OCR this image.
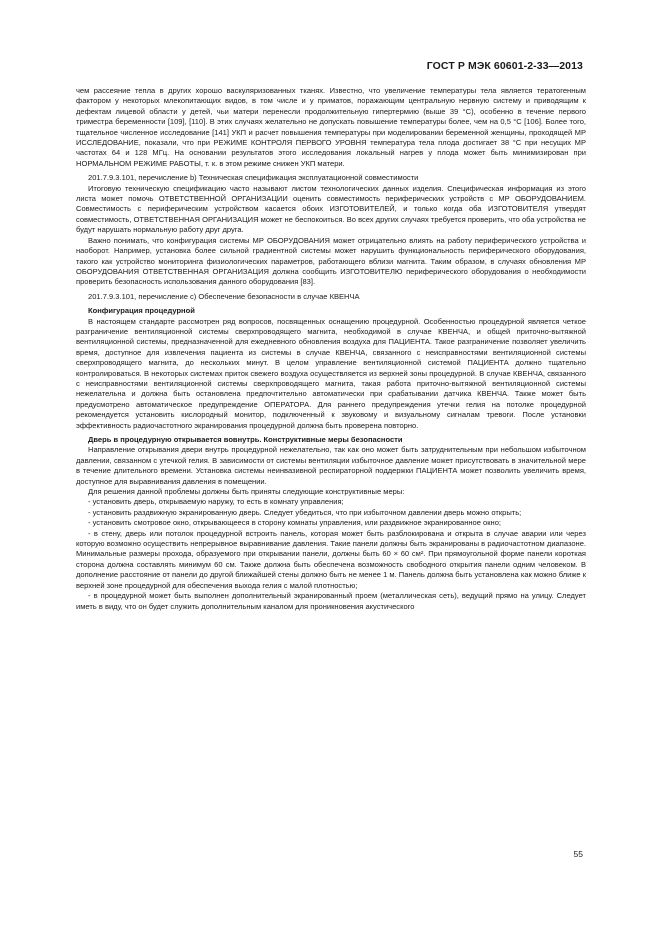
ГОСТ Р МЭК 60601-2-33—2013

чем рассеяние тепла в других хорошо васкуляризованных тканях. Известно, что увеличение температуры тела является тератогенным фактором у некоторых млекопитающих видов, в том числе и у приматов, поражающим центральную нервную систему и приводящим к дефектам лицевой области у детей, чьи матери перенесли продолжительную гипертермию (выше 39 °С), особенно в течение первого триместра беременности [109], [110]. В этих случаях желательно не допускать повышение температуры более, чем на 0,5 °С [106]. Более того, тщательное численное исследование [141] УКП и расчет повышения температуры при моделировании беременной женщины, проходящей МР ИССЛЕДОВАНИЕ, показали, что при РЕЖИМЕ КОНТРОЛЯ ПЕРВОГО УРОВНЯ температура тела плода достигает 38 °С при несущих МР частотах 64 и 128 МГц. На основании результатов этого исследования локальный нагрев у плода может быть минимизирован при НОРМАЛЬНОМ РЕЖИМЕ РАБОТЫ, т. к. в этом режиме снижен УКП матери.

201.7.9.3.101, перечисление b) Техническая спецификация эксплуатационной совместимости

Итоговую техническую спецификацию часто называют листом технологических данных изделия. Специфическая информация из этого листа может помочь ОТВЕТСТВЕННОЙ ОРГАНИЗАЦИИ оценить совместимость периферических устройств с МР ОБОРУДОВАНИЕМ. Совместимость с периферическим устройством касается обоих ИЗГОТОВИТЕЛЕЙ, и только когда оба ИЗГОТОВИТЕЛЯ утвердят совместимость, ОТВЕТСТВЕННАЯ ОРГАНИЗАЦИЯ может не беспокоиться. Во всех других случаях требуется проверить, что оба устройства не будут нарушать нормальную работу друг друга.

Важно понимать, что конфигурация системы МР ОБОРУДОВАНИЯ может отрицательно влиять на работу периферического устройства и наоборот. Например, установка более сильной градиентной системы может нарушить функциональность периферического оборудования, такого как устройство мониторинга физиологических параметров, работающего вблизи магнита. Таким образом, в случаях обновления МР ОБОРУДОВАНИЯ ОТВЕТСТВЕННАЯ ОРГАНИЗАЦИЯ должна сообщить ИЗГОТОВИТЕЛЮ периферического оборудования о необходимости проверить безопасность использования данного оборудования [83].

201.7.9.3.101, перечисление с) Обеспечение безопасности в случае КВЕНЧА

Конфигурация процедурной

В настоящем стандарте рассмотрен ряд вопросов, посвященных оснащению процедурной. Особенностью процедурной является четкое разграничение вентиляционной системы сверхпроводящего магнита, необходимой в случае КВЕНЧА, и общей приточно-вытяжной вентиляционной системы, предназначенной для ежедневного обновления воздуха для ПАЦИЕНТА. Такое разграничение позволяет увеличить время, доступное для извлечения пациента из системы в случае КВЕНЧА, связанного с неисправностями вентиляционной системы сверхпроводящего магнита, до нескольких минут. В целом управление вентиляционной системой ПАЦИЕНТА должно тщательно контролироваться. В некоторых системах приток свежего воздуха осуществляется из верхней зоны процедурной. В случае КВЕНЧА, связанного с неисправностями вентиляционной системы сверхпроводящего магнита, такая работа приточно-вытяжной вентиляционной системы нежелательна и должна быть остановлена предпочтительно автоматически при срабатывании датчика КВЕНЧА. Также может быть предусмотрено автоматическое предупреждение ОПЕРАТОРА. Для раннего предупреждения утечки гелия на потолке процедурной рекомендуется установить кислородный монитор, подключенный к звуковому и визуальному сигналам тревоги. После установки эффективность радиочастотного экранирования процедурной должна быть проверена повторно.

Дверь в процедурную открывается вовнутрь. Конструктивные меры безопасности

Направление открывания двери внутрь процедурной нежелательно, так как оно может быть затруднительным при небольшом избыточном давлении, связанном с утечкой гелия. В зависимости от системы вентиляции избыточное давление может присутствовать в значительной мере в течение длительного времени. Установка системы неинвазивной респираторной поддержки ПАЦИЕНТА может позволить увеличить время, доступное для выравнивания давления в помещении.

Для решения данной проблемы должны быть приняты следующие конструктивные меры:

- установить дверь, открываемую наружу, то есть в комнату управления;

- установить раздвижную экранированную дверь. Следует убедиться, что при избыточном давлении дверь можно открыть;

- установить смотровое окно, открывающееся в сторону комнаты управления, или раздвижное экранированное окно;

- в стену, дверь или потолок процедурной встроить панель, которая может быть разблокирована и открыта в случае аварии или через которую возможно осуществить непрерывное выравнивание давления. Такие панели должны быть экранированы в радиочастотном диапазоне. Минимальные размеры прохода, образуемого при открывании панели, должны быть 60 × 60 см². При прямоугольной форме панели короткая сторона должна составлять минимум 60 см. Также должна быть обеспечена возможность свободного открытия панели одним человеком. В дополнение расстояние от панели до другой ближайшей стены должно быть не менее 1 м. Панель должна быть установлена как можно ближе к верхней зоне процедурной для обеспечения выхода гелия с малой плотностью;

- в процедурной может быть выполнен дополнительный экранированный проем (металлическая сеть), ведущий прямо на улицу. Следует иметь в виду, что он будет служить дополнительным каналом для проникновения акустического

55
